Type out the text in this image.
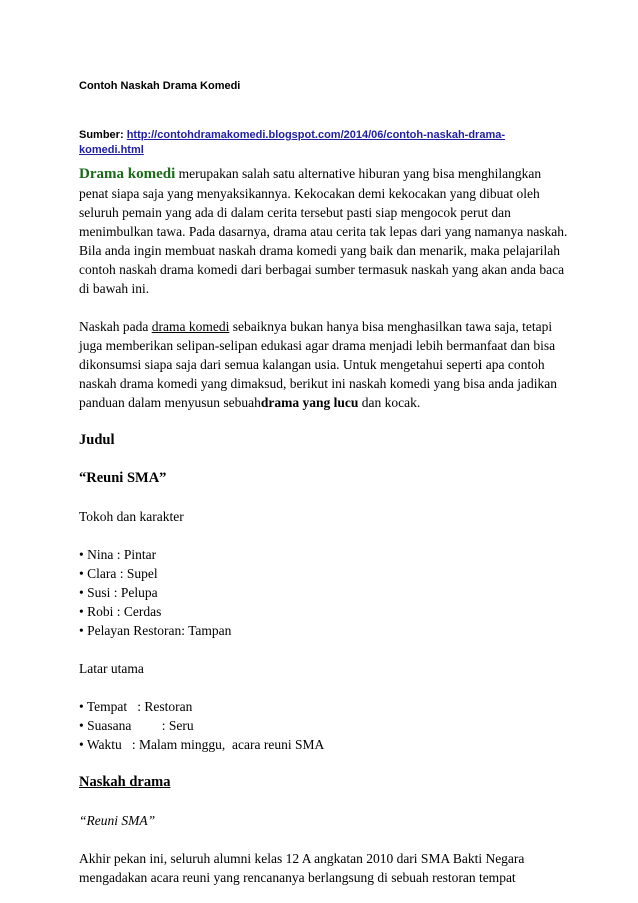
Contoh Naskah Drama Komedi
Sumber: http://contohdramakomedi.blogspot.com/2014/06/contoh-naskah-drama-komedi.html

Drama komedi merupakan salah satu alternative hiburan yang bisa menghilangkan penat siapa saja yang menyaksikannya. Kekocakan demi kekocakan yang dibuat oleh seluruh pemain yang ada di dalam cerita tersebut pasti siap mengocok perut dan menimbulkan tawa. Pada dasarnya, drama atau cerita tak lepas dari yang namanya naskah. Bila anda ingin membuat naskah drama komedi yang baik dan menarik, maka pelajarilah contoh naskah drama komedi dari berbagai sumber termasuk naskah yang akan anda baca di bawah ini.

Naskah pada drama komedi sebaiknya bukan hanya bisa menghasilkan tawa saja, tetapi juga memberikan selipan-selipan edukasi agar drama menjadi lebih bermanfaat dan bisa dikonsumsi siapa saja dari semua kalangan usia. Untuk mengetahui seperti apa contoh naskah drama komedi yang dimaksud, berikut ini naskah komedi yang bisa anda jadikan panduan dalam menyusun sebuahdrama yang lucu dan kocak.

Judul

“Reuni SMA”

Tokoh dan karakter

• Nina : Pintar

• Clara : Supel

• Susi : Pelupa

• Robi : Cerdas

• Pelayan Restoran: Tampan

Latar utama

• Tempat   : Restoran

• Suasana         : Seru

• Waktu   : Malam minggu,  acara reuni SMA

Naskah drama

“Reuni SMA”

Akhir pekan ini, seluruh alumni kelas 12 A angkatan 2010 dari SMA Bakti Negara mengadakan acara reuni yang rencananya berlangsung di sebuah restoran tempat
